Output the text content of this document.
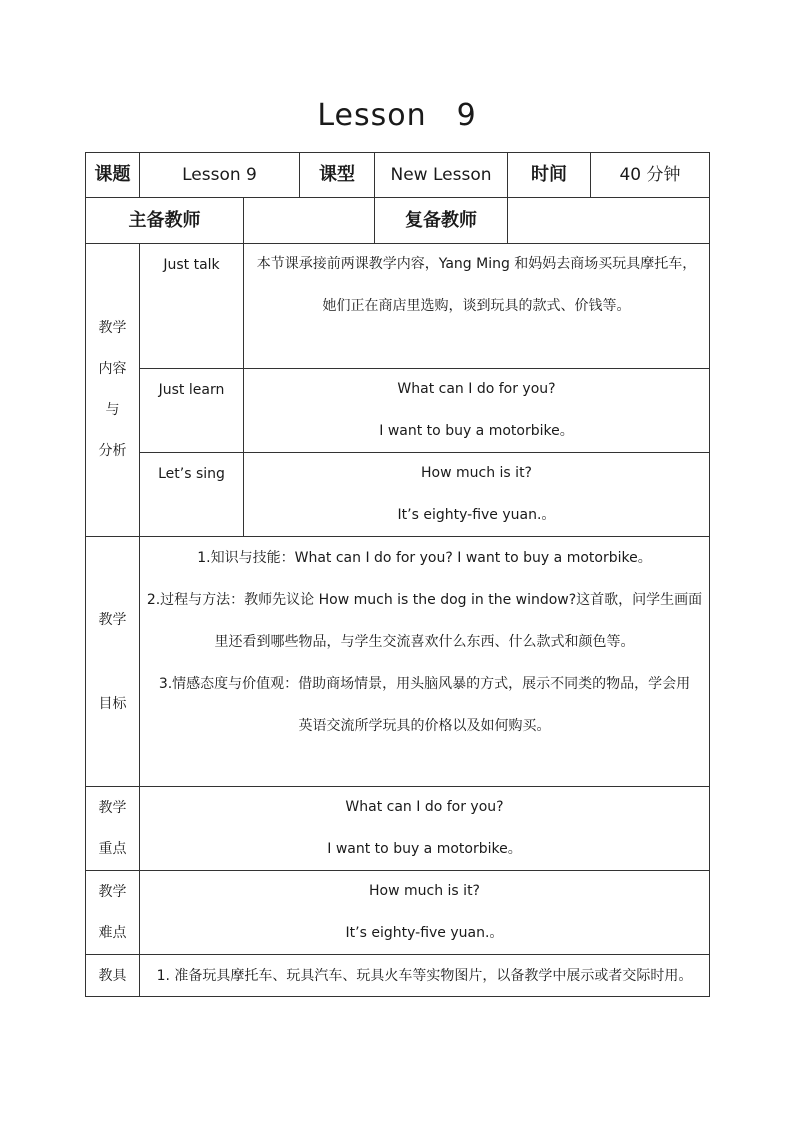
Lesson 9
课题	Lesson 9		课型	New Lesson	时间	40 分钟
主备教师				复备教师		

教学
内容
与
分析	Just talk	本节课承接前两课教学内容，Yang Ming 和妈妈去商场买玩具摩托车，
她们正在商店里选购，谈到玩具的款式、价钱等。				

	Just learn	What can I do for you?
I want to buy a motorbike。				

	Let’s sing	How much is it?
It’s eighty-five yuan.。				

教学
目标	1.知识与技能：What can I do for you? I want to buy a motorbike。
2.过程与方法：教师先议论 How much is the dog in the window?这首歌，问学生画面
里还看到哪些物品，与学生交流喜欢什么东西、什么款式和颜色等。
3.情感态度与价值观：借助商场情景，用头脑风暴的方式，展示不同类的物品，学会用
英语交流所学玩具的价格以及如何购买。					

教学
重点	What can I do for you?
I want to buy a motorbike。					

教学
难点	How much is it?
It’s eighty-five yuan.。					

教具	1. 准备玩具摩托车、玩具汽车、玩具火车等实物图片，以备教学中展示或者交际时用。					
